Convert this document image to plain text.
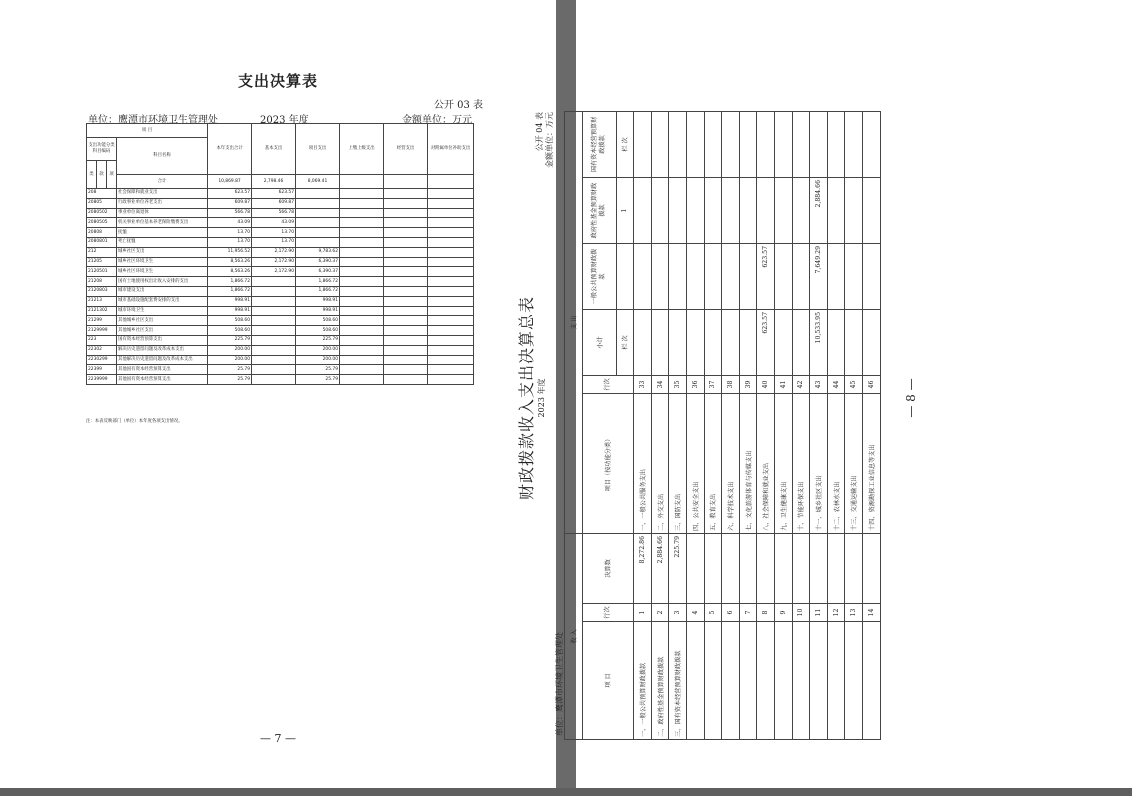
支出决算表
公开 03 表
单位：鹰潭市环境卫生管理处	2023 年度	金额单位：万元
项 目				本年支出合计	基本支出	项目支出	上缴上级支出	经营支出	对附属单位补助支出	
支出功能分类科目编码			科目名称							
类	款	项							
			合计	10,869.87	2,798.46	8,069.41				
208			社会保障和就业支出	623.57	623.57					
20805			行政事业单位养老支出	609.87	609.87					
2080502			事业单位离退休	566.78	566.78					
2080505			机关事业单位基本养老保险缴费支出	43.09	43.09					
20808			抚恤	13.70	13.70					
2080801			死亡抚恤	13.70	13.70					
212			城乡社区支出	11,956.52	2,172.90	9,783.62				
21205			城乡社区环境卫生	8,563.26	2,172.90	6,390.37				
2120501			城乡社区环境卫生	8,563.26	2,172.90	6,390.37				
21208			国有土地使用权出让收入安排的支出	1,866.72		1,866.72				
2120803			城市建设支出	1,866.72		1,866.72				
21213			城市基础设施配套费安排的支出	998.91		998.91				
2121302			城市环境卫生	998.91		998.91				
21299			其他城乡社区支出	508.60		508.60				
2129999			其他城乡社区支出	508.60		508.60				
223			国有资本经营预算支出	225.79		225.79				
22302			解决历史遗留问题及改革成本支出	200.00		200.00				
2230299			其他解决历史遗留问题及改革成本支出	200.00		200.00				
22399			其他国有资本经营预算支出	25.79		25.79				
2239999			其他国有资本经营预算支出	25.79		25.79				
注：本表反映部门（单位）本年度各项支出情况。
— 7 —
财政拨款收入支出决算总表 2023 年度
公开 04 表 金额单位：万元
单位：鹰潭市环境卫生管理处 收 入			支 出						
项 目	行次	决算数	项目（按功能分类）	行次	小计	一般公共预算财政拨款	政府性基金预算财政拨款	国有资本经营预算财政拨款	
					栏 次		1	栏 次					
一、一般公共预算财政拨款	1	8,272.86	一、一般公共服务支出	33					
二、政府性基金预算财政拨款	2	2,884.66	二、外交支出	34					
三、国有资本经营预算财政拨款	3	225.79	三、国防支出	35					
	4		四、公共安全支出	36					
	5		五、教育支出	37					
	6		六、科学技术支出	38					
	7		七、文化旅游体育与传媒支出	39					
	8		八、社会保障和就业支出	40	623.57	623.57			
	9		九、卫生健康支出	41					
	10		十、节能环保支出	42					
	11		十一、城乡社区支出	43	10,533.95	7,649.29	2,884.66		
	12		十二、农林水支出	44					
	13		十三、交通运输支出	45					
	14		十四、资源勘探工业信息等支出	46					— 8 —
